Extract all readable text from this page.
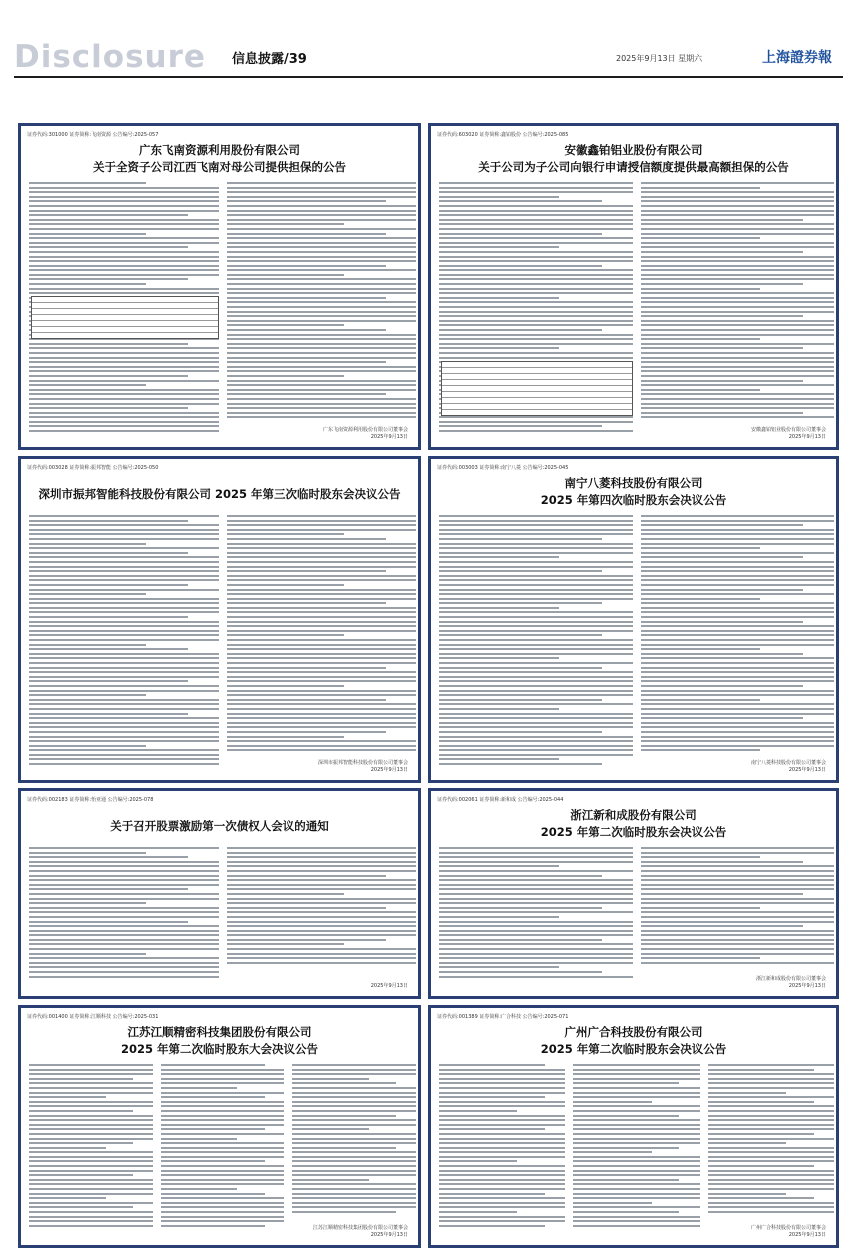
Disclosure 信息披露/39	2025年9月13日 星期六	上海證券報
证券代码:301000 证券简称:飞南资源 公告编号:2025-057
广东飞南资源利用股份有限公司
关于全资子公司江西飞南对母公司提供担保的公告
广东飞南资源利用股份有限公司董事会
2025年9月13日
证券代码:603020 证券简称:鑫铂股份 公告编号:2025-085
安徽鑫铂铝业股份有限公司
关于公司为子公司向银行申请授信额度提供最高额担保的公告
安徽鑫铂铝业股份有限公司董事会
2025年9月13日
证券代码:003028 证券简称:振邦智能 公告编号:2025-050
深圳市振邦智能科技股份有限公司 2025 年第三次临时股东会决议公告
深圳市振邦智能科技股份有限公司董事会
2025年9月13日
证券代码:003003 证券简称:南宁八菱 公告编号:2025-045
南宁八菱科技股份有限公司
2025 年第四次临时股东会决议公告
南宁八菱科技股份有限公司董事会
2025年9月13日
证券代码:002183 证券简称:怡亚通 公告编号:2025-078
关于召开股票激励第一次债权人会议的通知
2025年9月13日
证券代码:002061 证券简称:新和成 公告编号:2025-044
浙江新和成股份有限公司
2025 年第二次临时股东会决议公告
浙江新和成股份有限公司董事会
2025年9月13日
证券代码:001400 证券简称:江顺科技 公告编号:2025-031
江苏江顺精密科技集团股份有限公司
2025 年第二次临时股东大会决议公告
江苏江顺精密科技集团股份有限公司董事会
2025年9月13日
证券代码:001389 证券简称:广合科技 公告编号:2025-071
广州广合科技股份有限公司
2025 年第二次临时股东会决议公告
广州广合科技股份有限公司董事会
2025年9月13日
